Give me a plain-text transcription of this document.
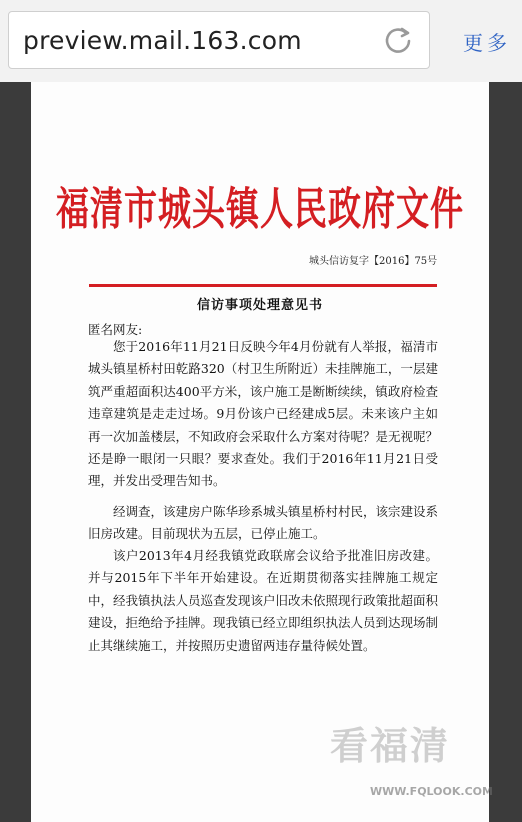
preview.mail.163.com	更多
福清市城头镇人民政府文件
城头信访复字【2016】75号
信访事项处理意见书
匿名网友:

您于2016年11月21日反映今年4月份就有人举报，福清市城头镇星桥村田乾路320（村卫生所附近）未挂牌施工，一层建筑严重超面积达400平方米，该户施工是断断续续，镇政府检查违章建筑是走走过场。9月份该户已经建成5层。未来该户主如再一次加盖楼层，不知政府会采取什么方案对待呢？是无视呢？还是睁一眼闭一只眼？要求查处。我们于2016年11月21日受理，并发出受理告知书。

经调查，该建房户陈华珍系城头镇星桥村村民，该宗建设系旧房改建。目前现状为五层，已停止施工。

该户2013年4月经我镇党政联席会议给予批准旧房改建。并与2015年下半年开始建设。在近期贯彻落实挂牌施工规定中，经我镇执法人员巡查发现该户旧改未依照现行政策批超面积建设，拒绝给予挂牌。现我镇已经立即组织执法人员到达现场制止其继续施工，并按照历史遗留两违存量待候处置。

看福清
WWW.FQLOOK.COM
